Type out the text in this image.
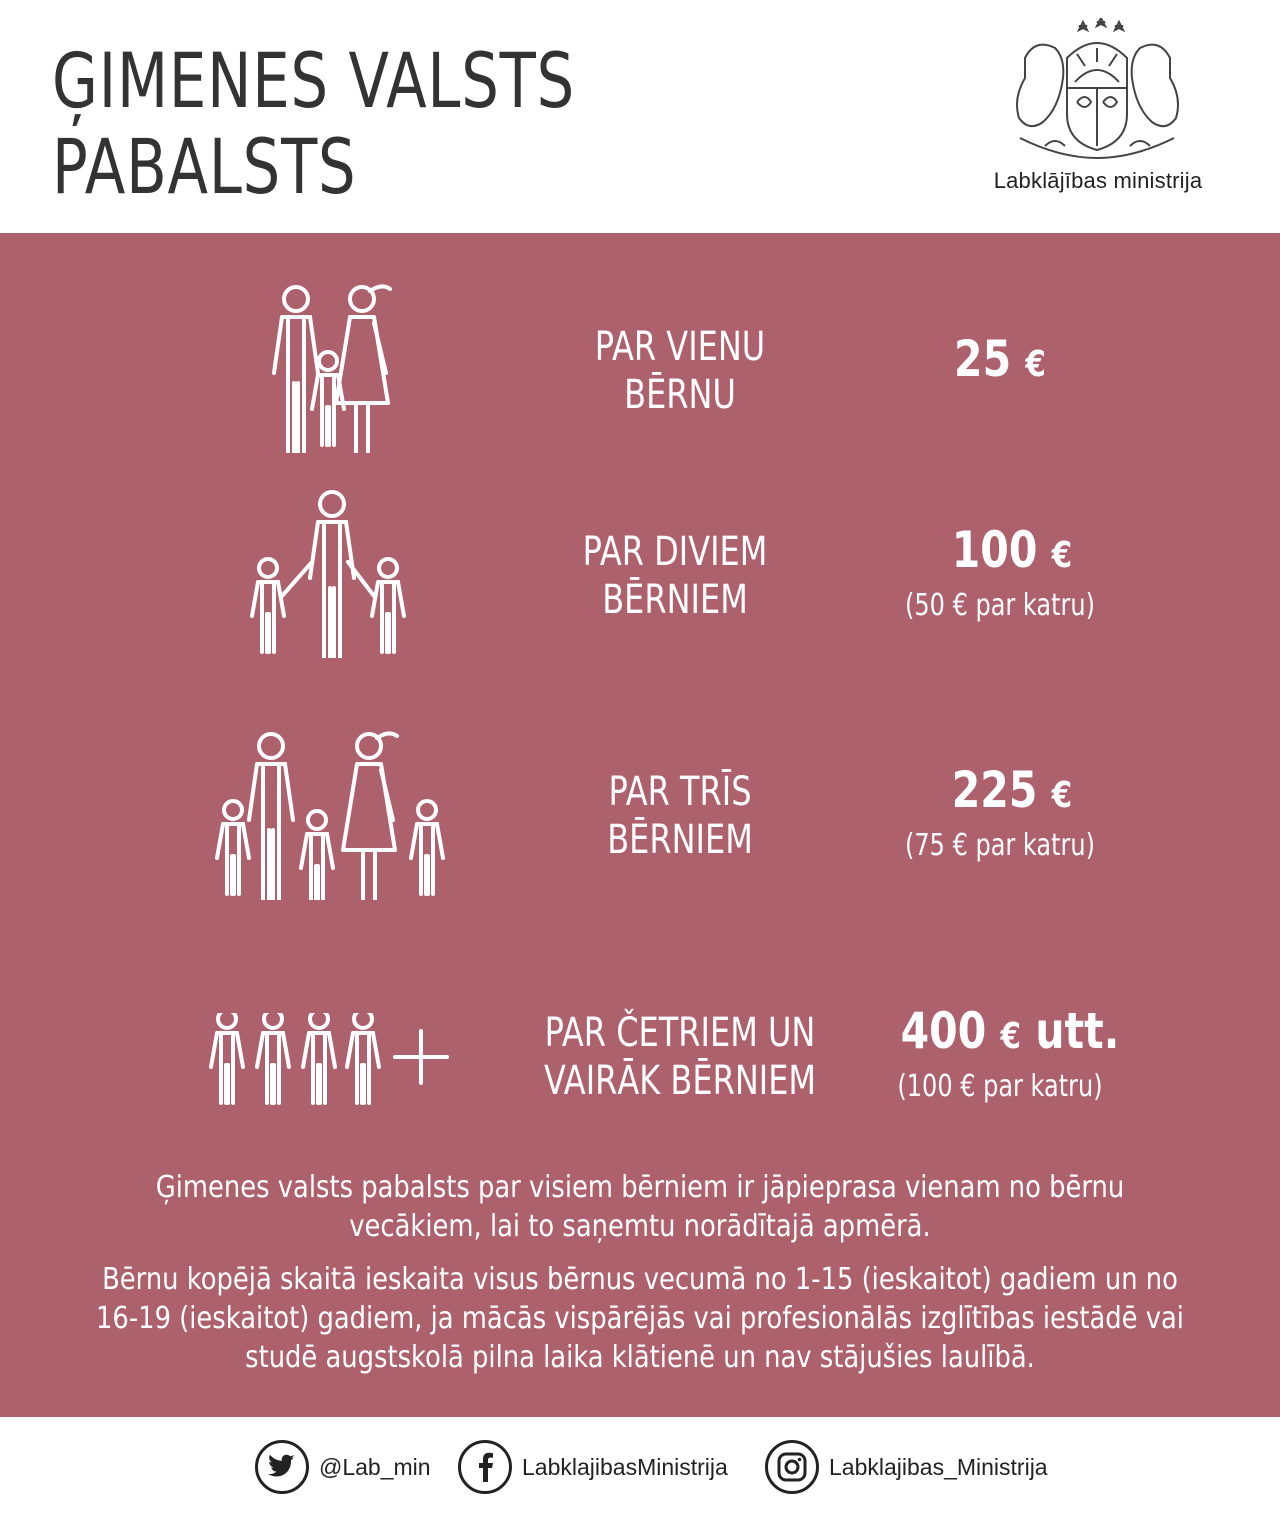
ĢIMENES VALSTS
PABALSTS	Labklājības ministrija
PAR VIENU
BĒRNU
25 €
PAR DIVIEM
BĒRNIEM
100 €
(50 € par katru)
PAR TRĪS
BĒRNIEM
225 €
(75 € par katru)
PAR ČETRIEM UN
VAIRĀK BĒRNIEM
400 € utt.
(100 € par katru)
Ģimenes valsts pabalsts par visiem bērniem ir jāpieprasa vienam no bērnu vecākiem, lai to saņemtu norādītajā apmērā.
Bērnu kopējā skaitā ieskaita visus bērnus vecumā no 1-15 (ieskaitot) gadiem un no 16-19 (ieskaitot) gadiem, ja mācās vispārējās vai profesionālās izglītības iestādē vai studē augstskolā pilna laika klātienē un nav stājušies laulībā.
@Lab_min	LabklajibasMinistrija	Labklajibas_Ministrija
